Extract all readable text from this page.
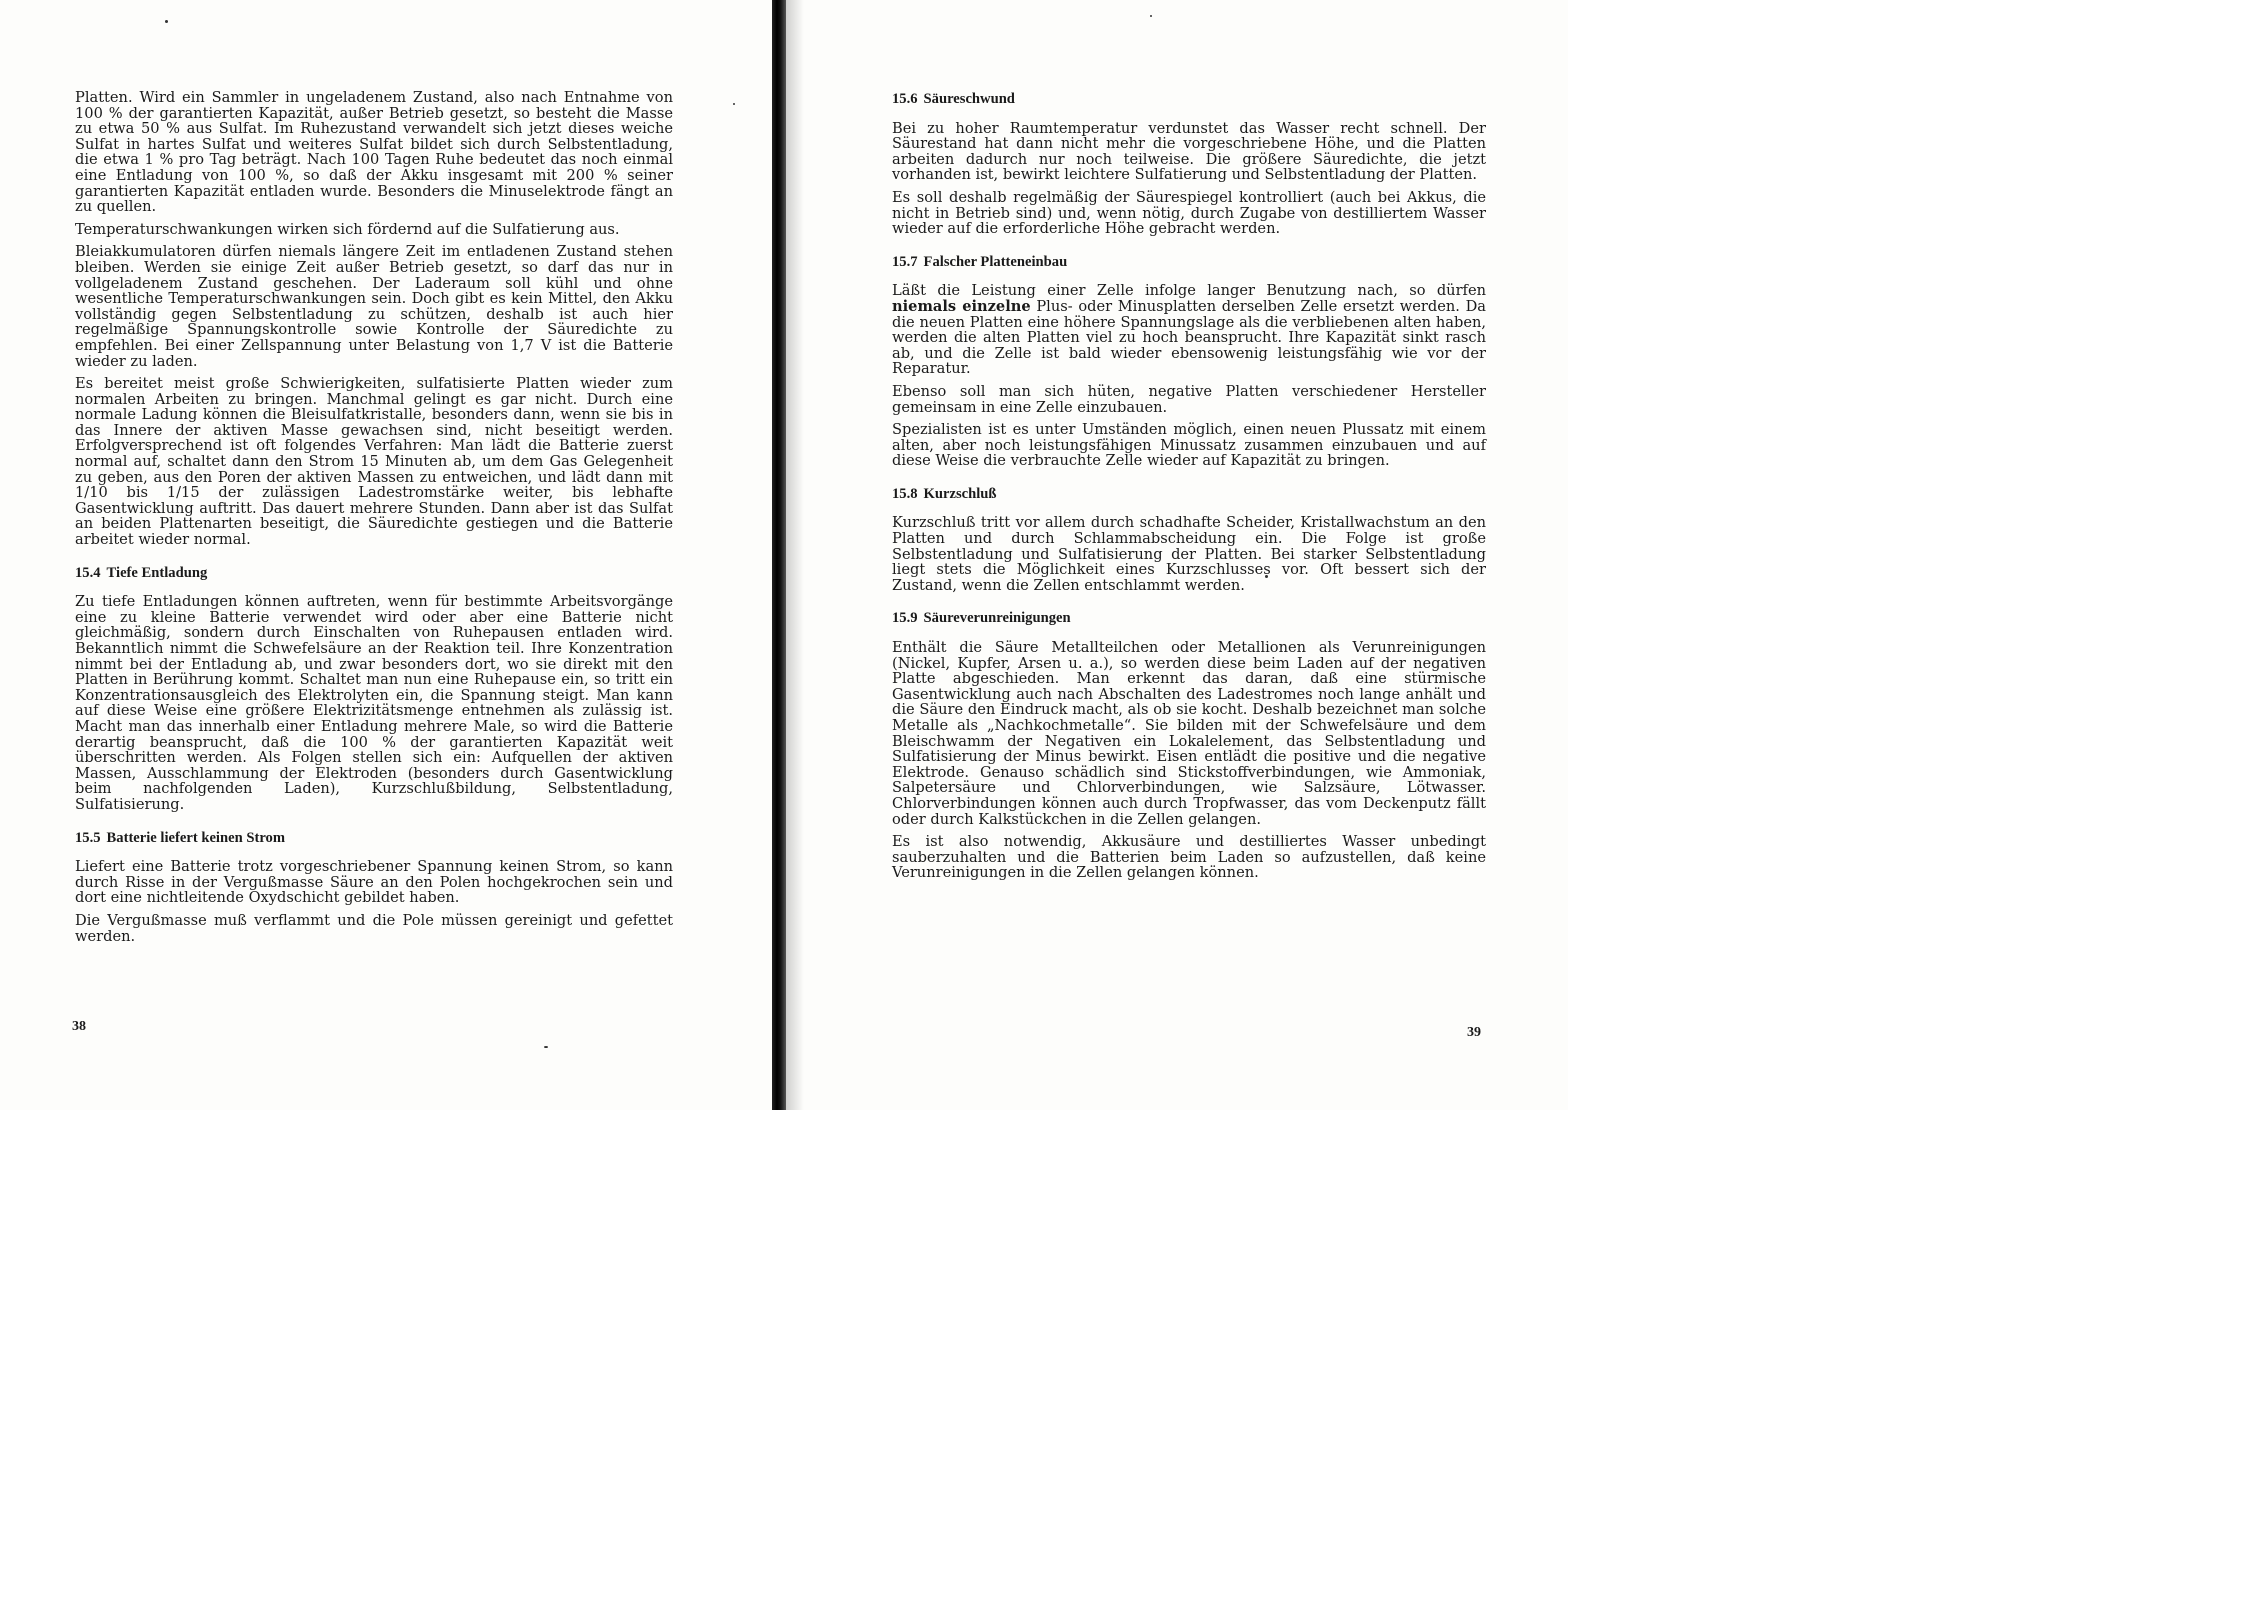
Platten. Wird ein Sammler in ungeladenem Zustand, also nach Entnahme von 100 % der garantierten Kapazität, außer Betrieb gesetzt, so besteht die Masse zu etwa 50 % aus Sulfat. Im Ruhezustand verwandelt sich jetzt dieses weiche Sulfat in hartes Sulfat und weiteres Sulfat bildet sich durch Selbstentladung, die etwa 1 % pro Tag beträgt. Nach 100 Tagen Ruhe bedeutet das noch einmal eine Entladung von 100 %, so daß der Akku insgesamt mit 200 % seiner garantierten Kapazität entladen wurde. Besonders die Minuselektrode fängt an zu quellen.

Temperaturschwankungen wirken sich fördernd auf die Sulfatierung aus.

Bleiakkumulatoren dürfen niemals längere Zeit im entladenen Zustand stehen bleiben. Werden sie einige Zeit außer Betrieb gesetzt, so darf das nur in vollgeladenem Zustand geschehen. Der Laderaum soll kühl und ohne wesentliche Temperaturschwankungen sein. Doch gibt es kein Mittel, den Akku vollständig gegen Selbstentladung zu schützen, deshalb ist auch hier regelmäßige Spannungskontrolle sowie Kontrolle der Säuredichte zu empfehlen. Bei einer Zellspannung unter Belastung von 1,7 V ist die Batterie wieder zu laden.

Es bereitet meist große Schwierigkeiten, sulfatisierte Platten wieder zum normalen Arbeiten zu bringen. Manchmal gelingt es gar nicht. Durch eine normale Ladung können die Bleisulfatkristalle, besonders dann, wenn sie bis in das Innere der aktiven Masse gewachsen sind, nicht beseitigt werden. Erfolgversprechend ist oft folgendes Verfahren: Man lädt die Batterie zuerst normal auf, schaltet dann den Strom 15 Minuten ab, um dem Gas Gelegenheit zu geben, aus den Poren der aktiven Massen zu entweichen, und lädt dann mit 1/10 bis 1/15 der zulässigen Ladestromstärke weiter, bis lebhafte Gasentwicklung auftritt. Das dauert mehrere Stunden. Dann aber ist das Sulfat an beiden Plattenarten beseitigt, die Säuredichte gestiegen und die Batterie arbeitet wieder normal.

15.4 Tiefe Entladung

Zu tiefe Entladungen können auftreten, wenn für bestimmte Arbeitsvorgänge eine zu kleine Batterie verwendet wird oder aber eine Batterie nicht gleichmäßig, sondern durch Einschalten von Ruhepausen entladen wird. Bekanntlich nimmt die Schwefelsäure an der Reaktion teil. Ihre Konzentration nimmt bei der Entladung ab, und zwar besonders dort, wo sie direkt mit den Platten in Berührung kommt. Schaltet man nun eine Ruhepause ein, so tritt ein Konzentrationsausgleich des Elektrolyten ein, die Spannung steigt. Man kann auf diese Weise eine größere Elektrizitätsmenge entnehmen als zulässig ist. Macht man das innerhalb einer Entladung mehrere Male, so wird die Batterie derartig beansprucht, daß die 100 % der garantierten Kapazität weit überschritten werden. Als Folgen stellen sich ein: Aufquellen der aktiven Massen, Ausschlammung der Elektroden (besonders durch Gasentwicklung beim nachfolgenden Laden), Kurzschlußbildung, Selbstentladung, Sulfatisierung.

15.5 Batterie liefert keinen Strom

Liefert eine Batterie trotz vorgeschriebener Spannung keinen Strom, so kann durch Risse in der Vergußmasse Säure an den Polen hochgekrochen sein und dort eine nichtleitende Oxydschicht gebildet haben.

Die Vergußmasse muß verflammt und die Pole müssen gereinigt und gefettet werden.

38
15.6 Säureschwund

Bei zu hoher Raumtemperatur verdunstet das Wasser recht schnell. Der Säurestand hat dann nicht mehr die vorgeschriebene Höhe, und die Platten arbeiten dadurch nur noch teilweise. Die größere Säuredichte, die jetzt vorhanden ist, bewirkt leichtere Sulfatierung und Selbstentladung der Platten.

Es soll deshalb regelmäßig der Säurespiegel kontrolliert (auch bei Akkus, die nicht in Betrieb sind) und, wenn nötig, durch Zugabe von destilliertem Wasser wieder auf die erforderliche Höhe gebracht werden.

15.7 Falscher Platteneinbau

Läßt die Leistung einer Zelle infolge langer Benutzung nach, so dürfen niemals einzelne Plus- oder Minusplatten derselben Zelle ersetzt werden. Da die neuen Platten eine höhere Spannungslage als die verbliebenen alten haben, werden die alten Platten viel zu hoch beansprucht. Ihre Kapazität sinkt rasch ab, und die Zelle ist bald wieder ebensowenig leistungsfähig wie vor der Reparatur.

Ebenso soll man sich hüten, negative Platten verschiedener Hersteller gemeinsam in eine Zelle einzubauen.

Spezialisten ist es unter Umständen möglich, einen neuen Plussatz mit einem alten, aber noch leistungsfähigen Minussatz zusammen einzubauen und auf diese Weise die verbrauchte Zelle wieder auf Kapazität zu bringen.

15.8 Kurzschluß

Kurzschluß tritt vor allem durch schadhafte Scheider, Kristallwachstum an den Platten und durch Schlammabscheidung ein. Die Folge ist große Selbstentladung und Sulfatisierung der Platten. Bei starker Selbstentladung liegt stets die Möglichkeit eines Kurzschlusses vor. Oft bessert sich der Zustand, wenn die Zellen entschlammt werden.

15.9 Säureverunreinigungen

Enthält die Säure Metallteilchen oder Metallionen als Verunreinigungen (Nickel, Kupfer, Arsen u. a.), so werden diese beim Laden auf der negativen Platte abgeschieden. Man erkennt das daran, daß eine stürmische Gasentwicklung auch nach Abschalten des Ladestromes noch lange anhält und die Säure den Eindruck macht, als ob sie kocht. Deshalb bezeichnet man solche Metalle als „Nachkochmetalle“. Sie bilden mit der Schwefelsäure und dem Bleischwamm der Negativen ein Lokalelement, das Selbstentladung und Sulfatisierung der Minus bewirkt. Eisen entlädt die positive und die negative Elektrode. Genauso schädlich sind Stickstoffverbindungen, wie Ammoniak, Salpetersäure und Chlorverbindungen, wie Salzsäure, Lötwasser. Chlorverbindungen können auch durch Tropfwasser, das vom Deckenputz fällt oder durch Kalkstückchen in die Zellen gelangen.

Es ist also notwendig, Akkusäure und destilliertes Wasser unbedingt sauberzuhalten und die Batterien beim Laden so aufzustellen, daß keine Verunreinigungen in die Zellen gelangen können.

39
